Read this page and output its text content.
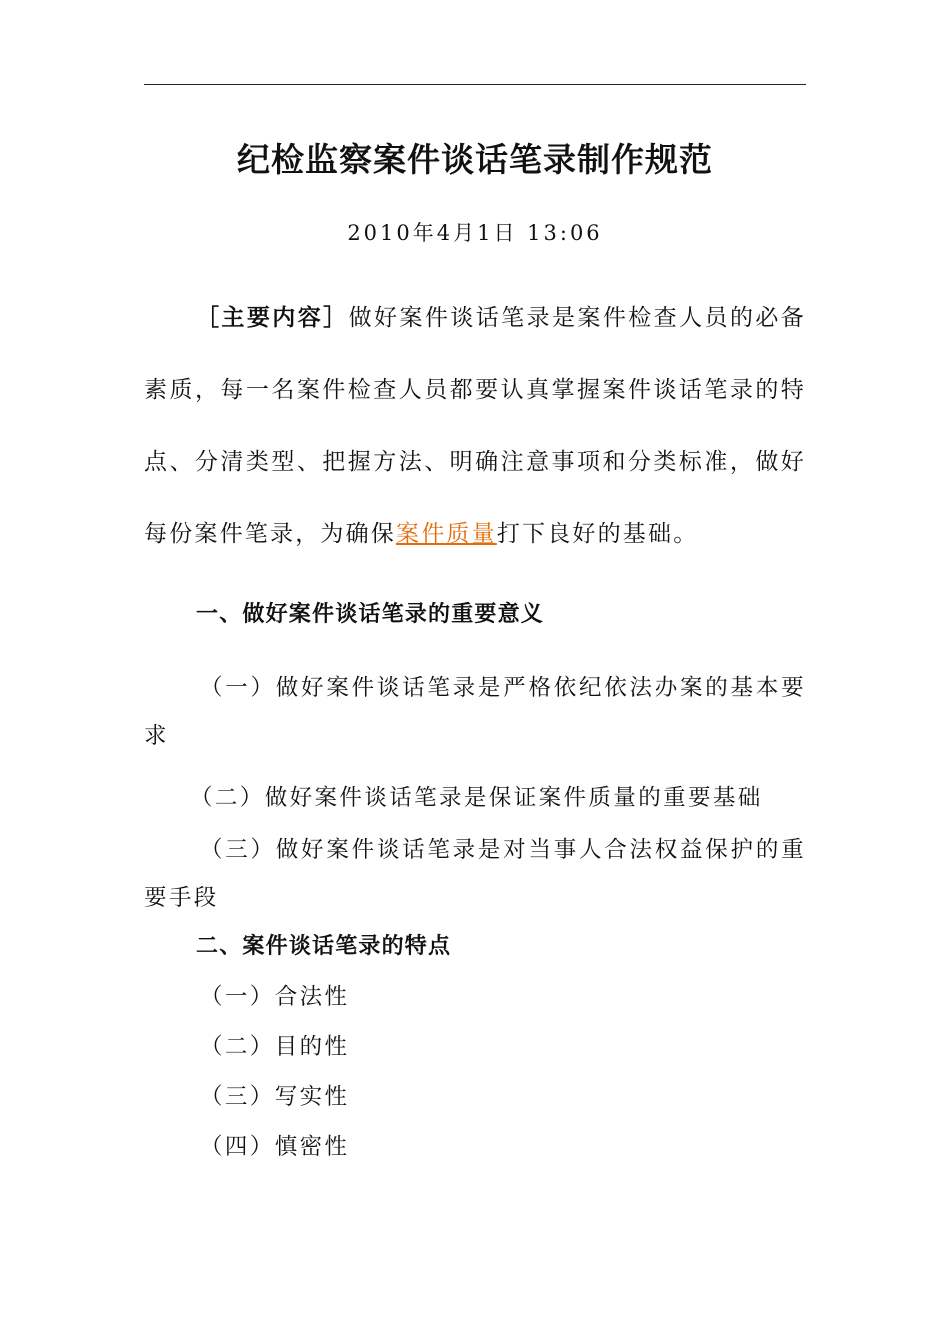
纪检监察案件谈话笔录制作规范
2010年4月1日 13:06
［主要内容］做好案件谈话笔录是案件检查人员的必备素质，每一名案件检查人员都要认真掌握案件谈话笔录的特点、分清类型、把握方法、明确注意事项和分类标准，做好每份案件笔录，为确保案件质量打下良好的基础。
一、做好案件谈话笔录的重要意义
（一）做好案件谈话笔录是严格依纪依法办案的基本要求
（二）做好案件谈话笔录是保证案件质量的重要基础
（三）做好案件谈话笔录是对当事人合法权益保护的重要手段
二、案件谈话笔录的特点
（一）合法性
（二）目的性
（三）写实性
（四）慎密性
